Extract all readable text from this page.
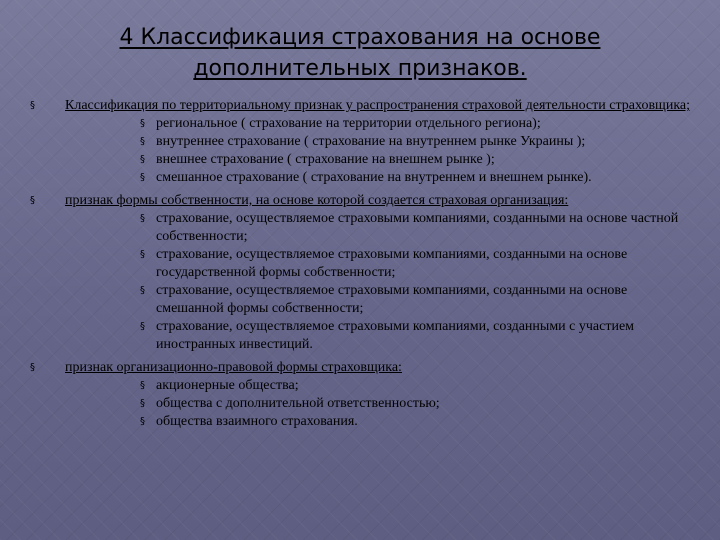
4 Классификация страхования на основе
дополнительных признаков.
§ Классификация по территориальному признак у распространения страховой деятельности страховщика;
§ региональное ( страхование на территории отдельного региона);
§ внутреннее страхование ( страхование на внутреннем рынке Украины );
§ внешнее страхование ( страхование на внешнем рынке );
§ смешанное страхование ( страхование на внутреннем и внешнем рынке).
§ признак формы собственности, на основе которой создается страховая организация:
§ страхование, осуществляемое страховыми компаниями, созданными на основе частной собственности;
§ страхование, осуществляемое страховыми компаниями, созданными на основе государственной формы собственности;
§ страхование, осуществляемое страховыми компаниями, созданными на основе смешанной формы собственности;
§ страхование, осуществляемое страховыми компаниями, созданными с участием иностранных инвестиций.
§ признак организационно-правовой формы страховщика:
§ акционерные общества;
§ общества с дополнительной ответственностью;
§ общества взаимного страхования.
